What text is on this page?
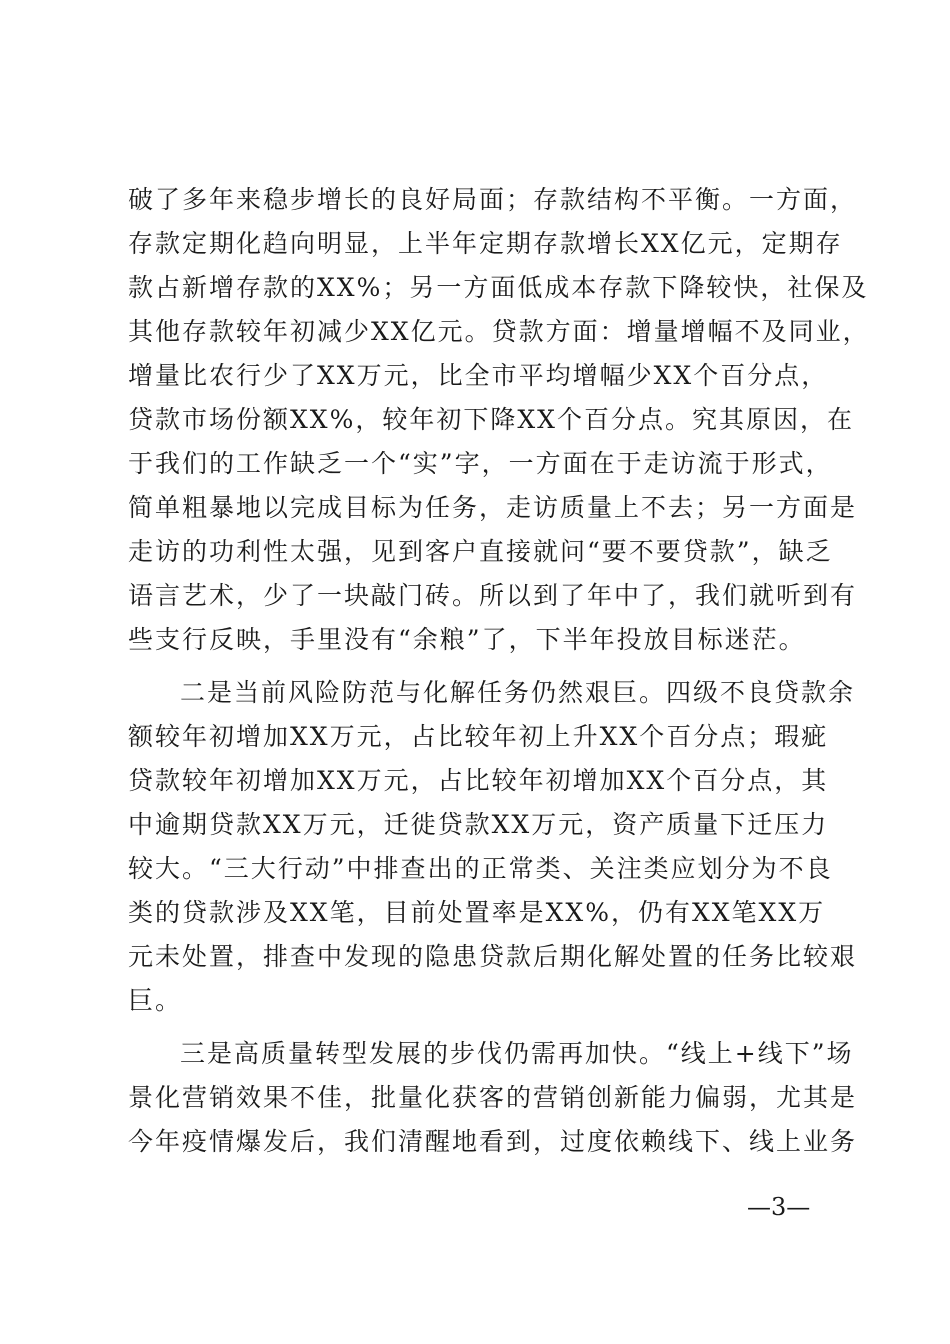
破了多年来稳步增长的良好局面；存款结构不平衡。一方面，
存款定期化趋向明显，上半年定期存款增长XX亿元，定期存
款占新增存款的XX%；另一方面低成本存款下降较快，社保及
其他存款较年初减少XX亿元。贷款方面：增量增幅不及同业，
增量比农行少了XX万元，比全市平均增幅少XX个百分点，
贷款市场份额XX%，较年初下降XX个百分点。究其原因，在
于我们的工作缺乏一个“实”字，一方面在于走访流于形式，
简单粗暴地以完成目标为任务，走访质量上不去；另一方面是
走访的功利性太强，见到客户直接就问“要不要贷款”，缺乏
语言艺术，少了一块敲门砖。所以到了年中了，我们就听到有
些支行反映，手里没有“余粮”了，下半年投放目标迷茫。
二是当前风险防范与化解任务仍然艰巨。四级不良贷款余
额较年初增加XX万元，占比较年初上升XX个百分点；瑕疵
贷款较年初增加XX万元，占比较年初增加XX个百分点，其
中逾期贷款XX万元，迁徙贷款XX万元，资产质量下迁压力
较大。“三大行动”中排查出的正常类、关注类应划分为不良
类的贷款涉及XX笔，目前处置率是XX%，仍有XX笔XX万
元未处置，排查中发现的隐患贷款后期化解处置的任务比较艰
巨。
三是高质量转型发展的步伐仍需再加快。“线上+线下”场
景化营销效果不佳，批量化获客的营销创新能力偏弱，尤其是
今年疫情爆发后，我们清醒地看到，过度依赖线下、线上业务
—3—
